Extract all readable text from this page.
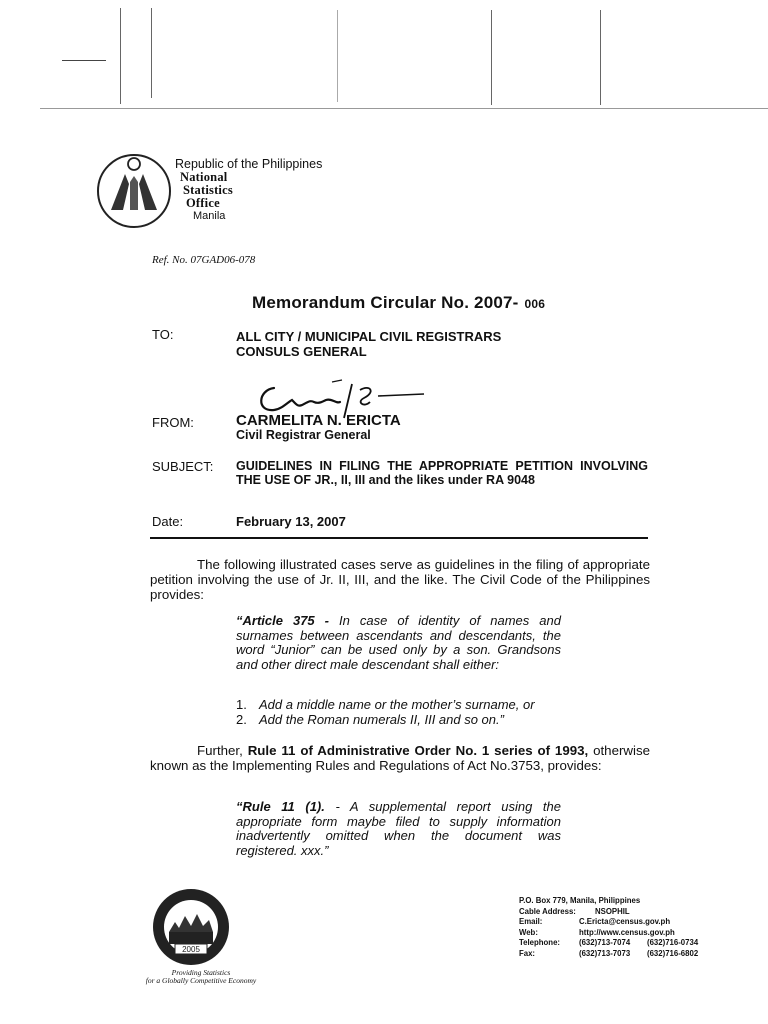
Republic of the Philippines
National
Statistics
Office
Manila
Ref. No. 07GAD06-078
Memorandum Circular No. 2007- 006
TO:	ALL CITY / MUNICIPAL CIVIL REGISTRARS
CONSULS GENERAL
FROM:	CARMELITA N. ERICTA
Civil Registrar General
SUBJECT: GUIDELINES IN FILING THE APPROPRIATE PETITION INVOLVING THE USE OF JR., II, III and the likes under RA 9048
Date:	February 13, 2007
The following illustrated cases serve as guidelines in the filing of appropriate petition involving the use of Jr. II, III, and the like. The Civil Code of the Philippines provides:
“Article 375 - In case of identity of names and surnames between ascendants and descendants, the word “Junior” can be used only by a son. Grandsons and other direct male descendant shall either:
1. Add a middle name or the mother’s surname, or
2. Add the Roman numerals II, III and so on.”
Further, Rule 11 of Administrative Order No. 1 series of 1993, otherwise known as the Implementing Rules and Regulations of Act No.3753, provides:
“Rule 11 (1). - A supplemental report using the appropriate form maybe filed to supply information inadvertently omitted when the document was registered. xxx.”
2005
Providing Statistics
for a Globally Competitive Economy
P.O. Box 779, Manila, Philippines
Cable Address: NSOPHIL
Email:	C.Ericta@census.gov.ph
Web:	http://www.census.gov.ph
Telephone: (632)713-7074 (632)716-0734
Fax:	(632)713-7073 (632)716-6802
